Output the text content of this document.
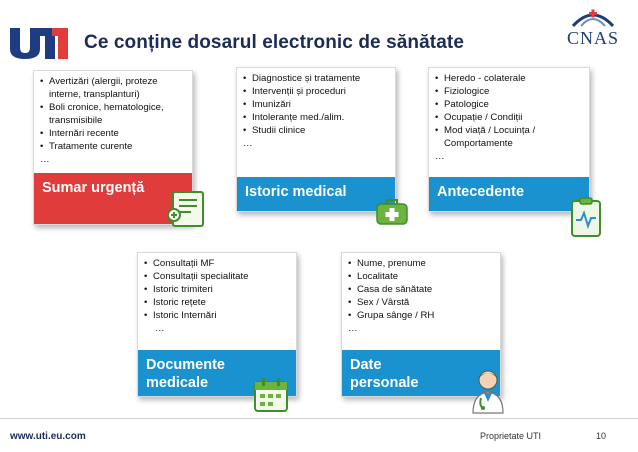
Ce conține dosarul electronic de sănătate	CNAS
• Avertizări (alergii, proteze interne, transplanturi)
• Boli cronice, hematologice, transmisibile
• Internări recente
• Tratamente curente
…
Sumar urgență
• Diagnostice și tratamente
• Intervenții și proceduri
• Imunizări
• Intoleranțe med./alim.
• Studii clinice
…
Istoric medical
• Heredo - colaterale
• Fiziologice
• Patologice
• Ocupație / Condiții
• Mod viață / Locuința / Comportamente
…
Antecedente
• Consultații MF
• Consultații specialitate
• Istoric trimiteri
• Istoric rețete
• Istoric Internări
…
Documente medicale
• Nume, prenume
• Localitate
• Casa de sănătate
• Sex / Vârstă
• Grupa sânge / RH
…
Date personale
www.uti.eu.com	Proprietate UTI	10
